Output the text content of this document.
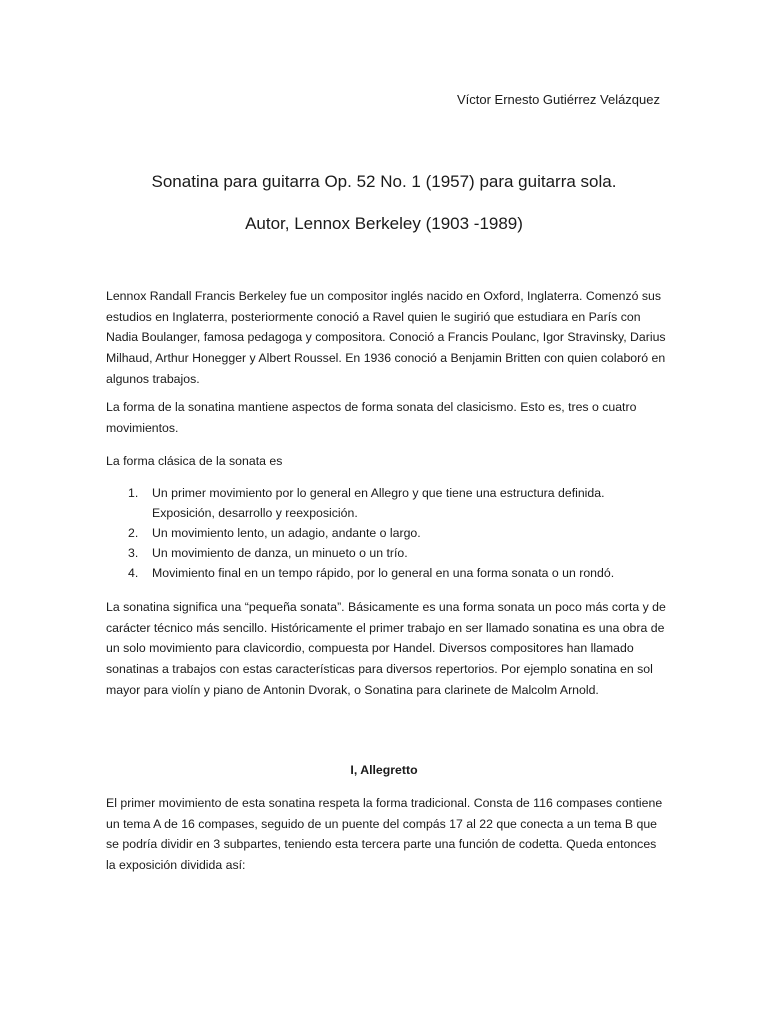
Víctor Ernesto Gutiérrez Velázquez
Sonatina para guitarra Op. 52 No. 1 (1957) para guitarra sola.
Autor, Lennox Berkeley (1903 -1989)

Lennox Randall Francis Berkeley fue un compositor inglés nacido en Oxford, Inglaterra. Comenzó sus estudios en Inglaterra, posteriormente conoció a Ravel quien le sugirió que estudiara en París con Nadia Boulanger, famosa pedagoga y compositora. Conoció a Francis Poulanc, Igor Stravinsky, Darius Milhaud, Arthur Honegger y Albert Roussel. En 1936 conoció a Benjamin Britten con quien colaboró en algunos trabajos.

La forma de la sonatina mantiene aspectos de forma sonata del clasicismo. Esto es, tres o cuatro movimientos.

La forma clásica de la sonata es

1. Un primer movimiento por lo general en Allegro y que tiene una estructura definida. Exposición, desarrollo y reexposición.
2. Un movimiento lento, un adagio, andante o largo.
3. Un movimiento de danza, un minueto o un trío.
4. Movimiento final en un tempo rápido, por lo general en una forma sonata o un rondó.

La sonatina significa una “pequeña sonata”. Básicamente es una forma sonata un poco más corta y de carácter técnico más sencillo. Históricamente el primer trabajo en ser llamado sonatina es una obra de un solo movimiento para clavicordio, compuesta por Handel. Diversos compositores han llamado sonatinas a trabajos con estas características para diversos repertorios. Por ejemplo sonatina en sol mayor para violín y piano de Antonin Dvorak, o Sonatina para clarinete de Malcolm Arnold.

I, Allegretto

El primer movimiento de esta sonatina respeta la forma tradicional. Consta de 116 compases contiene un tema A de 16 compases, seguido de un puente del compás 17 al 22 que conecta a un tema B que se podría dividir en 3 subpartes, teniendo esta tercera parte una función de codetta. Queda entonces la exposición dividida así:
